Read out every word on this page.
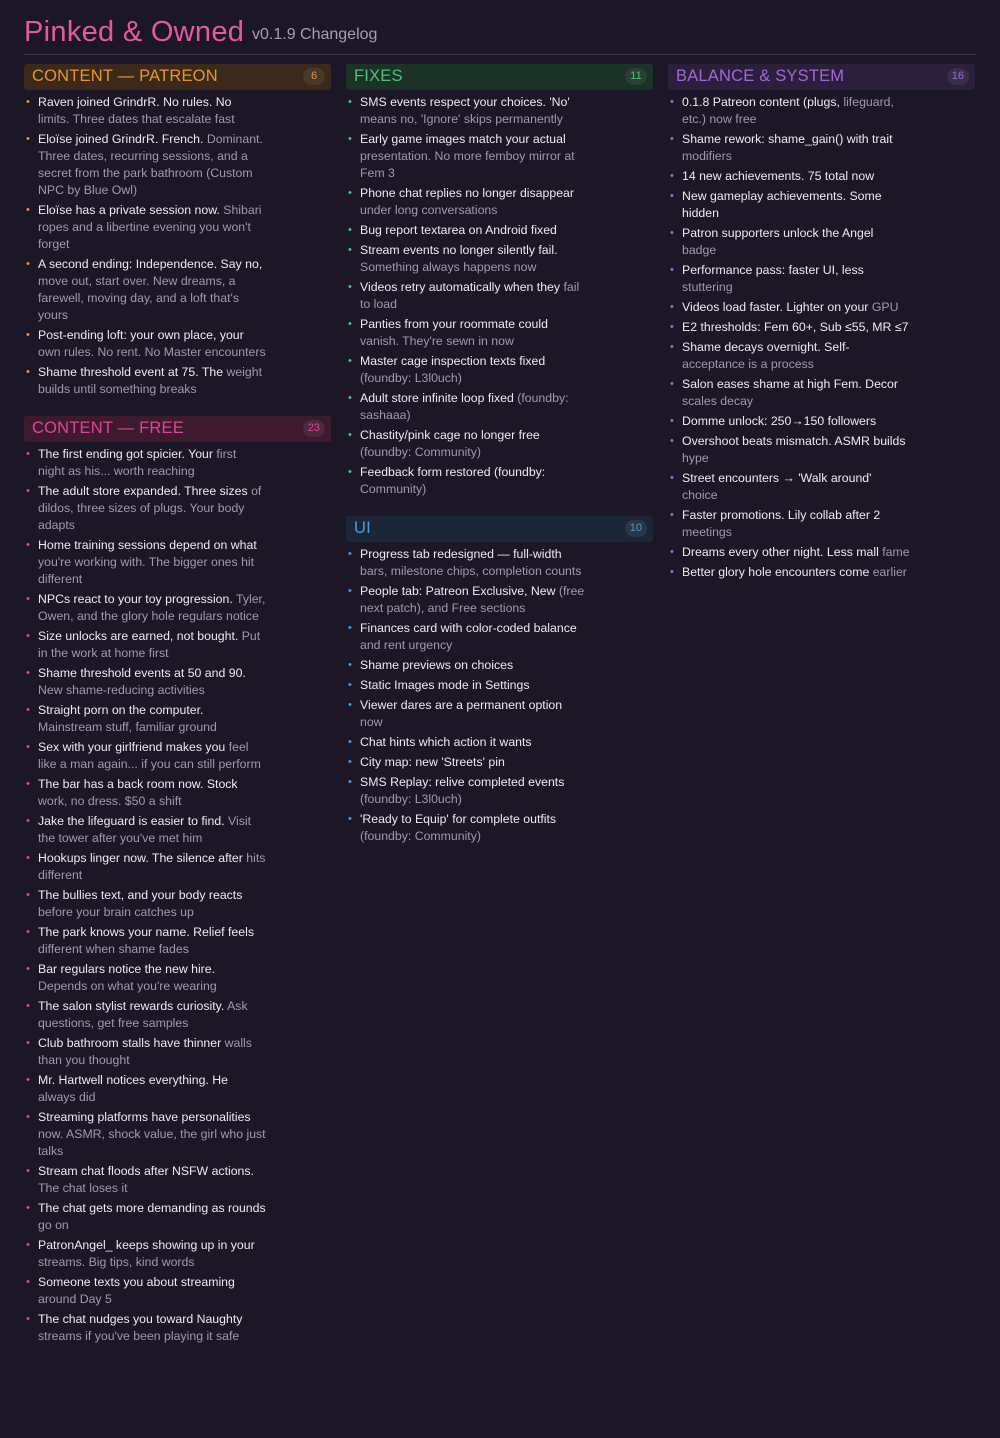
Pinked & Owned v0.1.9 Changelog
CONTENT — PATREON	6
• Raven joined GrindrR. No rules. No limits. Three dates that escalate fast
• Eloïse joined GrindrR. French. Dominant. Three dates, recurring sessions, and a secret from the park bathroom (Custom NPC by Blue Owl)
• Eloïse has a private session now. Shibari ropes and a libertine evening you won't forget
• A second ending: Independence. Say no, move out, start over. New dreams, a farewell, moving day, and a loft that's yours
• Post-ending loft: your own place, your own rules. No rent. No Master encounters
• Shame threshold event at 75. The weight builds until something breaks
CONTENT — FREE	23
• The first ending got spicier. Your first night as his... worth reaching
• The adult store expanded. Three sizes of dildos, three sizes of plugs. Your body adapts
• Home training sessions depend on what you're working with. The bigger ones hit different
• NPCs react to your toy progression. Tyler, Owen, and the glory hole regulars notice
• Size unlocks are earned, not bought. Put in the work at home first
• Shame threshold events at 50 and 90. New shame-reducing activities
• Straight porn on the computer. Mainstream stuff, familiar ground
• Sex with your girlfriend makes you feel like a man again... if you can still perform
• The bar has a back room now. Stock work, no dress. $50 a shift
• Jake the lifeguard is easier to find. Visit the tower after you've met him
• Hookups linger now. The silence after hits different
• The bullies text, and your body reacts before your brain catches up
• The park knows your name. Relief feels different when shame fades
• Bar regulars notice the new hire. Depends on what you're wearing
• The salon stylist rewards curiosity. Ask questions, get free samples
• Club bathroom stalls have thinner walls than you thought
• Mr. Hartwell notices everything. He always did
• Streaming platforms have personalities now. ASMR, shock value, the girl who just talks
• Stream chat floods after NSFW actions. The chat loses it
• The chat gets more demanding as rounds go on
• PatronAngel_ keeps showing up in your streams. Big tips, kind words
• Someone texts you about streaming around Day 5
• The chat nudges you toward Naughty streams if you've been playing it safe
FIXES	11
• SMS events respect your choices. 'No' means no, 'Ignore' skips permanently
• Early game images match your actual presentation. No more femboy mirror at Fem 3
• Phone chat replies no longer disappear under long conversations
• Bug report textarea on Android fixed
• Stream events no longer silently fail. Something always happens now
• Videos retry automatically when they fail to load
• Panties from your roommate could vanish. They're sewn in now
• Master cage inspection texts fixed (foundby: L3l0uch)
• Adult store infinite loop fixed (foundby: sashaaa)
• Chastity/pink cage no longer free (foundby: Community)
• Feedback form restored (foundby: Community)
UI	10
• Progress tab redesigned — full-width bars, milestone chips, completion counts
• People tab: Patreon Exclusive, New (free next patch), and Free sections
• Finances card with color-coded balance and rent urgency
• Shame previews on choices
• Static Images mode in Settings
• Viewer dares are a permanent option now
• Chat hints which action it wants
• City map: new 'Streets' pin
• SMS Replay: relive completed events (foundby: L3l0uch)
• 'Ready to Equip' for complete outfits (foundby: Community)
BALANCE & SYSTEM	16
• 0.1.8 Patreon content (plugs, lifeguard, etc.) now free
• Shame rework: shame_gain() with trait modifiers
• 14 new achievements. 75 total now
• New gameplay achievements. Some hidden
• Patron supporters unlock the Angel badge
• Performance pass: faster UI, less stuttering
• Videos load faster. Lighter on your GPU
• E2 thresholds: Fem 60+, Sub ≤55, MR ≤7
• Shame decays overnight. Self- acceptance is a process
• Salon eases shame at high Fem. Decor scales decay
• Domme unlock: 250→150 followers
• Overshoot beats mismatch. ASMR builds hype
• Street encounters → 'Walk around' choice
• Faster promotions. Lily collab after 2 meetings
• Dreams every other night. Less mall fame
• Better glory hole encounters come earlier
